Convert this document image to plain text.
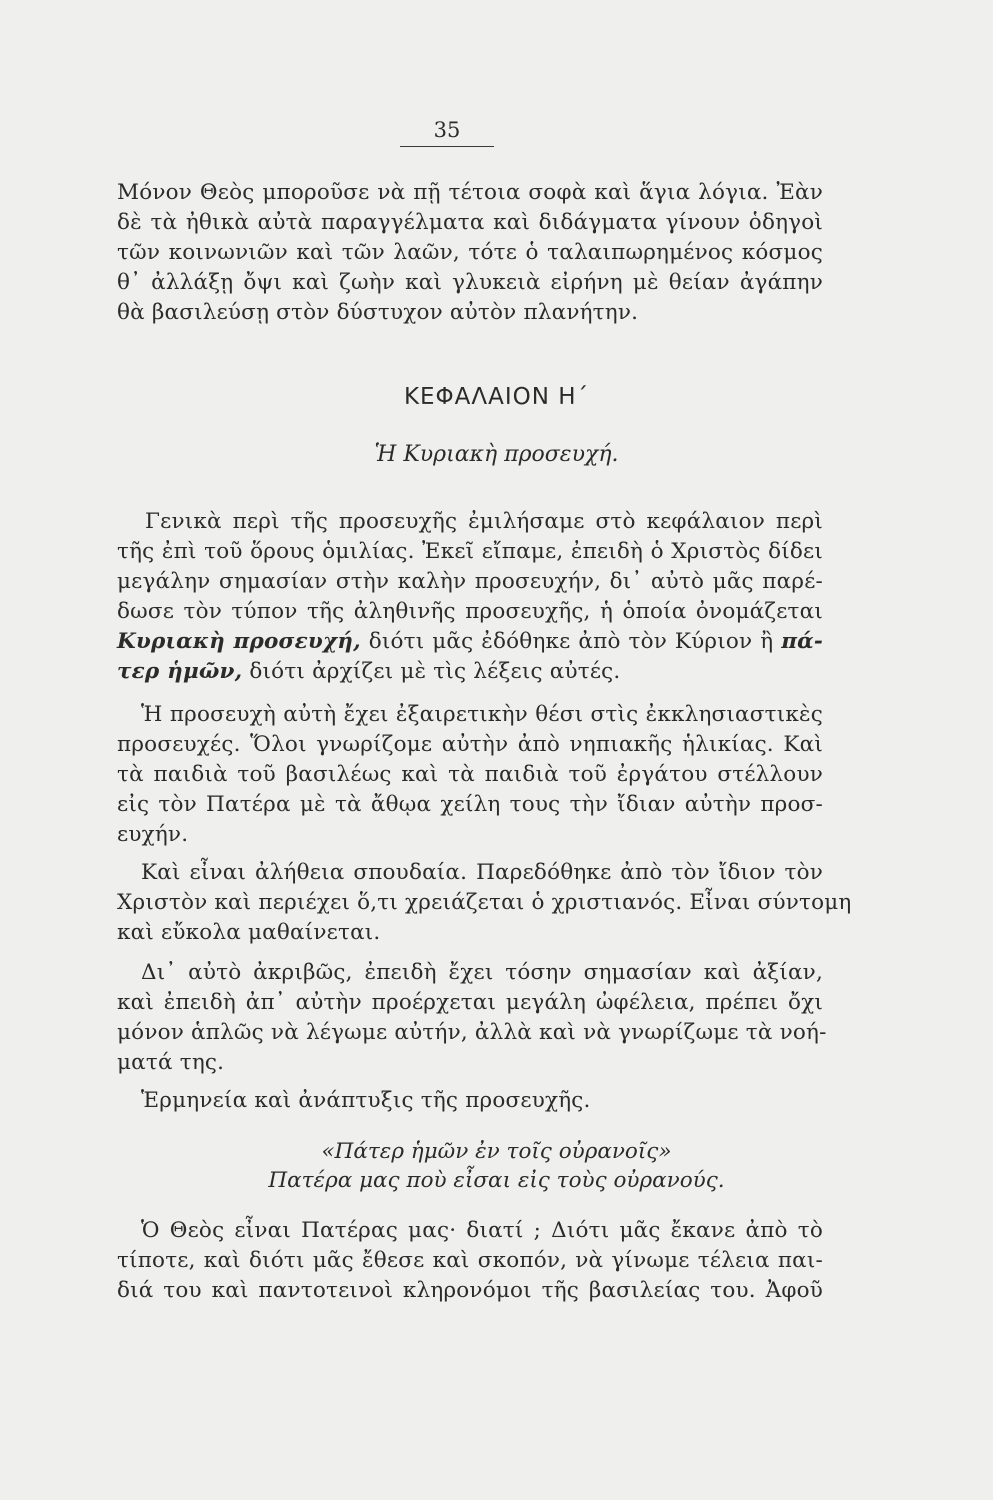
35
Μόνον Θεὸς μποροῦσε νὰ πῇ τέτοια σοφὰ καὶ ἅγια λόγια. Ἐὰν
δὲ τὰ ἠθικὰ αὐτὰ παραγγέλματα καὶ διδάγματα γίνουν ὁδηγοὶ
τῶν κοινωνιῶν καὶ τῶν λαῶν, τότε ὁ ταλαιπωρημένος κόσμος
θ᾿ ἀλλάξῃ ὄψι καὶ ζωὴν καὶ γλυκειὰ εἰρήνη μὲ θείαν ἀγάπην
θὰ βασιλεύσῃ στὸν δύστυχον αὐτὸν πλανήτην.
ΚΕΦΑΛΑΙΟΝ Η΄
Ἡ Κυριακὴ προσευχή.
Γενικὰ περὶ τῆς προσευχῆς ἐμιλήσαμε στὸ κεφάλαιον περὶ
τῆς ἐπὶ τοῦ ὅρους ὁμιλίας. Ἐκεῖ εἴπαμε, ἐπειδὴ ὁ Χριστὸς δίδει
μεγάλην σημασίαν στὴν καλὴν προσευχήν, δι᾿ αὐτὸ μᾶς παρέ-
δωσε τὸν τύπον τῆς ἀληθινῆς προσευχῆς, ἡ ὁποία ὀνομάζεται
Κυριακὴ προσευχή, διότι μᾶς ἐδόθηκε ἀπὸ τὸν Κύριον ἢ πά-
τερ ἡμῶν, διότι ἀρχίζει μὲ τὶς λέξεις αὐτές.
Ἡ προσευχὴ αὐτὴ ἔχει ἐξαιρετικὴν θέσι στὶς ἐκκλησιαστικὲς
προσευχές. Ὅλοι γνωρίζομε αὐτὴν ἀπὸ νηπιακῆς ἡλικίας. Καὶ
τὰ παιδιὰ τοῦ βασιλέως καὶ τὰ παιδιὰ τοῦ ἐργάτου στέλλουν
εἰς τὸν Πατέρα μὲ τὰ ἄθῳα χείλη τους τὴν ἴδιαν αὐτὴν προσ-
ευχήν.
Καὶ εἶναι ἀλήθεια σπουδαία. Παρεδόθηκε ἀπὸ τὸν ἴδιον τὸν
Χριστὸν καὶ περιέχει ὅ,τι χρειάζεται ὁ χριστιανός. Εἶναι σύντομη
καὶ εὔκολα μαθαίνεται.
Δι᾿ αὐτὸ ἀκριβῶς, ἐπειδὴ ἔχει τόσην σημασίαν καὶ ἀξίαν,
καὶ ἐπειδὴ ἀπ᾿ αὐτὴν προέρχεται μεγάλη ὠφέλεια, πρέπει ὄχι
μόνον ἁπλῶς νὰ λέγωμε αὐτήν, ἀλλὰ καὶ νὰ γνωρίζωμε τὰ νοή-
ματά της.
Ἑρμηνεία καὶ ἀνάπτυξις τῆς προσευχῆς.
«Πάτερ ἡμῶν ἐν τοῖς οὐρανοῖς»
Πατέρα μας ποὺ εἶσαι εἰς τοὺς οὐρανούς.
Ὁ Θεὸς εἶναι Πατέρας μας· διατί ; Διότι μᾶς ἔκανε ἀπὸ τὸ
τίποτε, καὶ διότι μᾶς ἔθεσε καὶ σκοπόν, νὰ γίνωμε τέλεια παι-
διά του καὶ παντοτεινοὶ κληρονόμοι τῆς βασιλείας του. Ἀφοῦ
